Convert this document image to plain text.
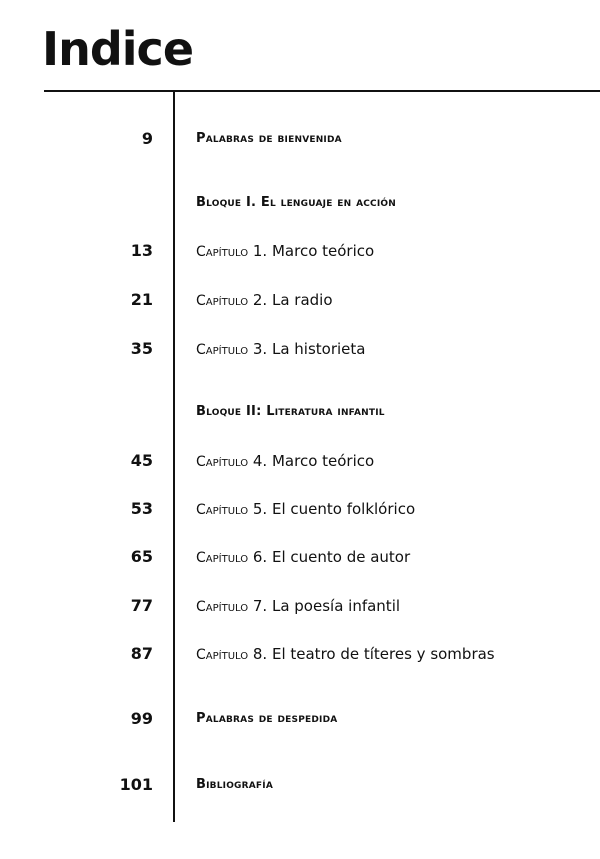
Indice
9	Palabras de bienvenida
Bloque I. El lenguaje en acción
13	Capítulo 1. Marco teórico
21	Capítulo 2. La radio
35	Capítulo 3. La historieta
Bloque II: Literatura infantil
45	Capítulo 4. Marco teórico
53	Capítulo 5. El cuento folklórico
65	Capítulo 6. El cuento de autor
77	Capítulo 7. La poesía infantil
87	Capítulo 8. El teatro de títeres y sombras
99	Palabras de despedida
101	Bibliografía
